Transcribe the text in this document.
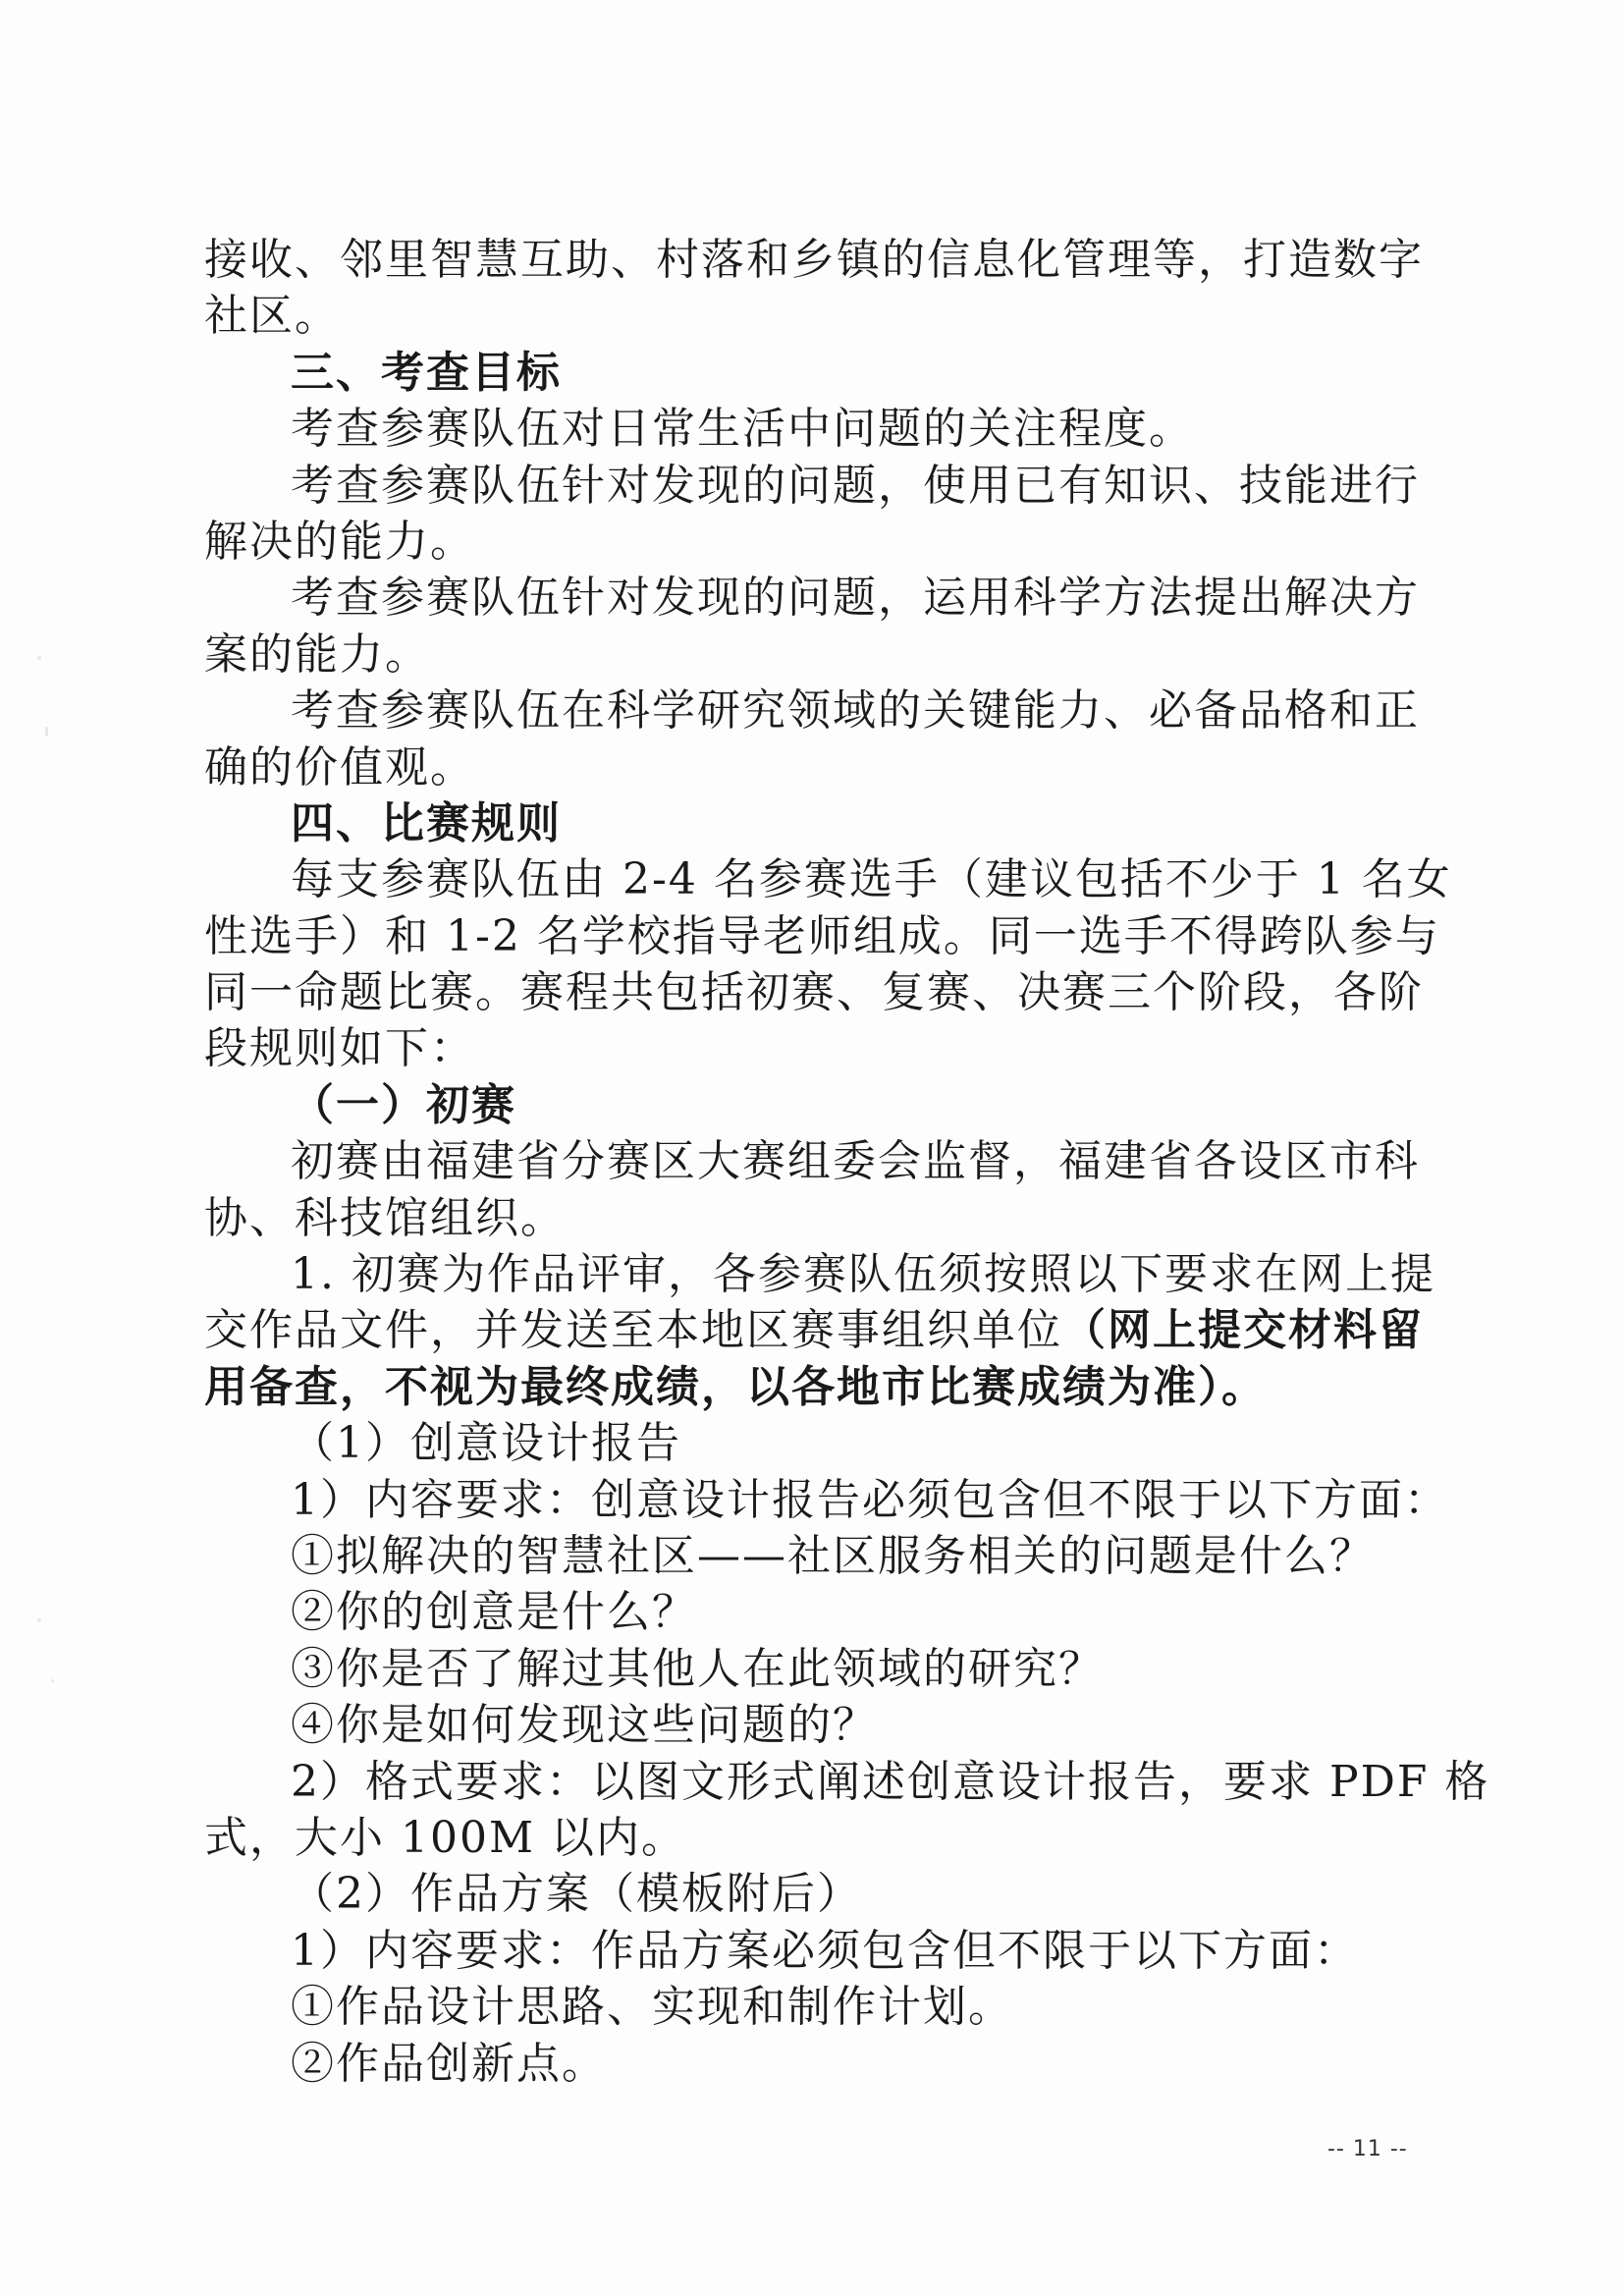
接收、邻里智慧互助、村落和乡镇的信息化管理等，打造数字
社区。
三、考查目标
考查参赛队伍对日常生活中问题的关注程度。
考查参赛队伍针对发现的问题，使用已有知识、技能进行
解决的能力。
考查参赛队伍针对发现的问题，运用科学方法提出解决方
案的能力。
考查参赛队伍在科学研究领域的关键能力、必备品格和正
确的价值观。
四、比赛规则
每支参赛队伍由 2-4 名参赛选手（建议包括不少于 1 名女
性选手）和 1-2 名学校指导老师组成。同一选手不得跨队参与
同一命题比赛。赛程共包括初赛、复赛、决赛三个阶段，各阶
段规则如下：
（一）初赛
初赛由福建省分赛区大赛组委会监督，福建省各设区市科
协、科技馆组织。
1. 初赛为作品评审，各参赛队伍须按照以下要求在网上提
交作品文件，并发送至本地区赛事组织单位（网上提交材料留
用备查，不视为最终成绩，以各地市比赛成绩为准）。
（1）创意设计报告
1）内容要求：创意设计报告必须包含但不限于以下方面：
①拟解决的智慧社区——社区服务相关的问题是什么？
②你的创意是什么？
③你是否了解过其他人在此领域的研究？
④你是如何发现这些问题的？
2）格式要求：以图文形式阐述创意设计报告，要求 PDF 格
式，大小 100M 以内。
（2）作品方案（模板附后）
1）内容要求：作品方案必须包含但不限于以下方面：
①作品设计思路、实现和制作计划。
②作品创新点。
-- 11 --
